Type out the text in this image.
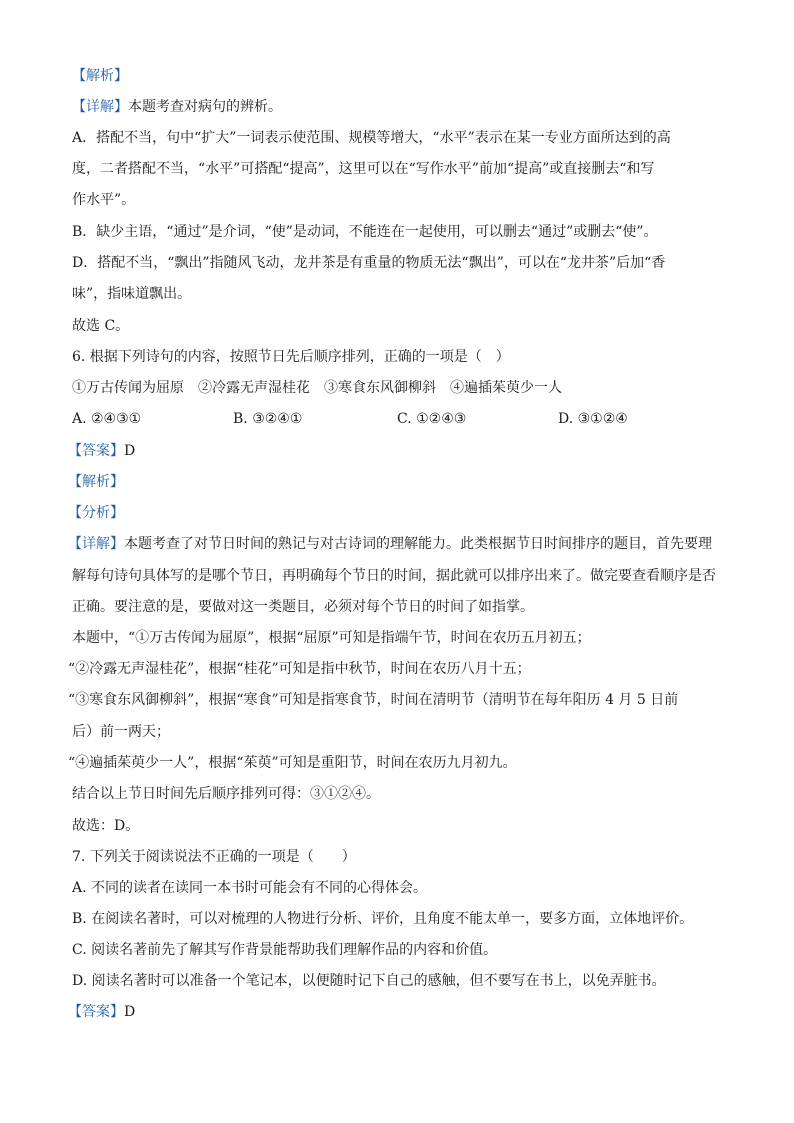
【解析】
【详解】本题考查对病句的辨析。
A．搭配不当，句中“扩大”一词表示使范围、规模等增大，“水平”表示在某一专业方面所达到的高
度，二者搭配不当，“水平”可搭配“提高”，这里可以在“写作水平”前加“提高”或直接删去“和写
作水平”。
B．缺少主语，“通过”是介词，“使”是动词，不能连在一起使用，可以删去“通过”或删去“使”。
D．搭配不当，“飘出”指随风飞动，龙井茶是有重量的物质无法“飘出”，可以在“龙井茶”后加“香
味”，指味道飘出。
故选 C。
6. 根据下列诗句的内容，按照节日先后顺序排列，正确的一项是（　）
①万古传闻为屈原　②冷露无声湿桂花　③寒食东风御柳斜　④遍插茱萸少一人
A. ②④③①	B. ③②④①	C. ①②④③	D. ③①②④
【答案】D
【解析】
【分析】
【详解】本题考查了对节日时间的熟记与对古诗词的理解能力。此类根据节日时间排序的题目，首先要理
解每句诗句具体写的是哪个节日，再明确每个节日的时间，据此就可以排序出来了。做完要查看顺序是否
正确。要注意的是，要做对这一类题目，必须对每个节日的时间了如指掌。
本题中，“①万古传闻为屈原”，根据“屈原”可知是指端午节，时间在农历五月初五；
“②冷露无声湿桂花”，根据“桂花”可知是指中秋节，时间在农历八月十五；
“③寒食东风御柳斜”，根据“寒食”可知是指寒食节，时间在清明节（清明节在每年阳历 4 月 5 日前
后）前一两天；
“④遍插茱萸少一人”，根据“茱萸”可知是重阳节，时间在农历九月初九。
结合以上节日时间先后顺序排列可得：③①②④。
故选：D。
7. 下列关于阅读说法不正确的一项是（　　）
A. 不同的读者在读同一本书时可能会有不同的心得体会。
B. 在阅读名著时，可以对梳理的人物进行分析、评价，且角度不能太单一，要多方面，立体地评价。
C. 阅读名著前先了解其写作背景能帮助我们理解作品的内容和价值。
D. 阅读名著时可以准备一个笔记本，以便随时记下自己的感触，但不要写在书上，以免弄脏书。
【答案】D
